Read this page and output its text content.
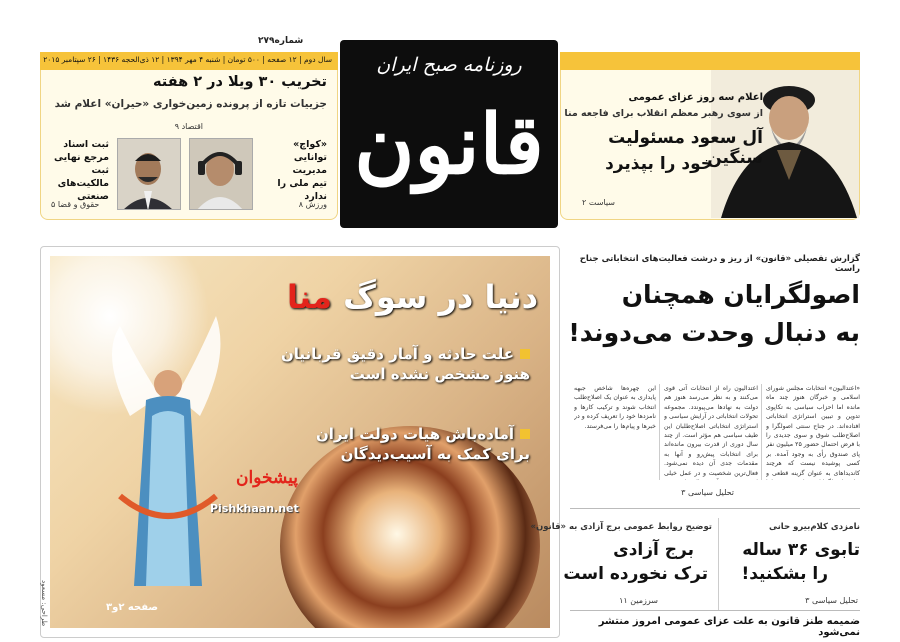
شماره۲۷۹
سال دوم | ۱۲ صفحه | ۵۰۰ تومان | شنبه ۴ مهر ۱۳۹۴ | ۱۲ ذی‌الحجه ۱۴۳۶ | ۲۶ سپتامبر ۲۰۱۵
تخریب ۳۰ ویلا در ۲ هفته
جزییات تازه از پرونده زمین‌خواری «حیران» اعلام شد
اقتصاد ۹
«کواچ»
توانایی مدیریت
تیم ملی را
ندارد
ورزش ۸
ثبت اسناد
مرجع نهایی
ثبت مالکیت‌های
صنعتی
حقوق و قضا ۵
روزنامه صبح ایران
قانون	اعلام سه روز عزای عمومی
از سوی رهبر معظم انقلاب برای فاجعه منا
آل سعود مسئولیت سنگین
خود را بپذیرد
سیاست ۲
دنیا در سوگ منا
علت حادثه و آمار دقیق قربانیان
هنوز مشخص نشده است
آماده‌باش هیات دولت ایران
برای کمک به آسیب‌دیدگان
پیشخوان
Pishkhaan.net
صفحه ۲و۳
طراحی: مسعود
گزارش تفصیلی «قانون» از ریز و درشت فعالیت‌های انتخاباتی جناح راست
اصولگرایان همچنان
به دنبال وحدت می‌دوند!
«اعتدالیون» انتخابات مجلس شورای اسلامی و خبرگان هنوز چند ماه مانده اما احزاب سیاسی به تکاپوی تدوین و تبیین استراتژی انتخاباتی افتاده‌اند. در جناح سنتی اصولگرا و اصلاح‌طلب شوق و سوی جدیدی را با فرض احتمال حضور ۲۵ میلیون نفر پای صندوق رأی به وجود آمده. بر کسی پوشیده نیست که هرچند کاندیداهای به عنوان گزینه قطعی و
اعتدالیون راه از انتخابات آتی قوی می‌کنند و به نظر می‌رسد هنوز هم دولت به نهادها می‌پیوندد. مجموعه تحولات انتخاباتی در آرایش سیاسی و استراتژی انتخاباتی اصلاح‌طلبان این طیف سیاسی هم مؤثر است. از چند سال دوری از قدرت بیرون مانده‌اند برای انتخابات پیش‌رو و آنها به مقدمات جدی آن دیده نمی‌شود. فعال‌ترین شخصیت و در عمل خیلی
این چهره‌ها شاخص جبهه پایداری به عنوان یک اصلاح‌طلب انتخاب شوند و ترکیب کارها و نامزدها خود را تعریف کرده و در خبرها و پیام‌ها را می‌فرستد.
تحلیل سیاسی ۳
نامزدی کلام‌بیرو حانی
تابوی ۳۶ ساله
را بشکنید!
تحلیل سیاسی ۳
توضیح روابط عمومی برج آزادی به «قانون»
برج آزادی
ترک نخورده است
سرزمین ۱۱
ضمیمه طنز قانون به علت عزای عمومی امروز منتشر نمی‌شود
